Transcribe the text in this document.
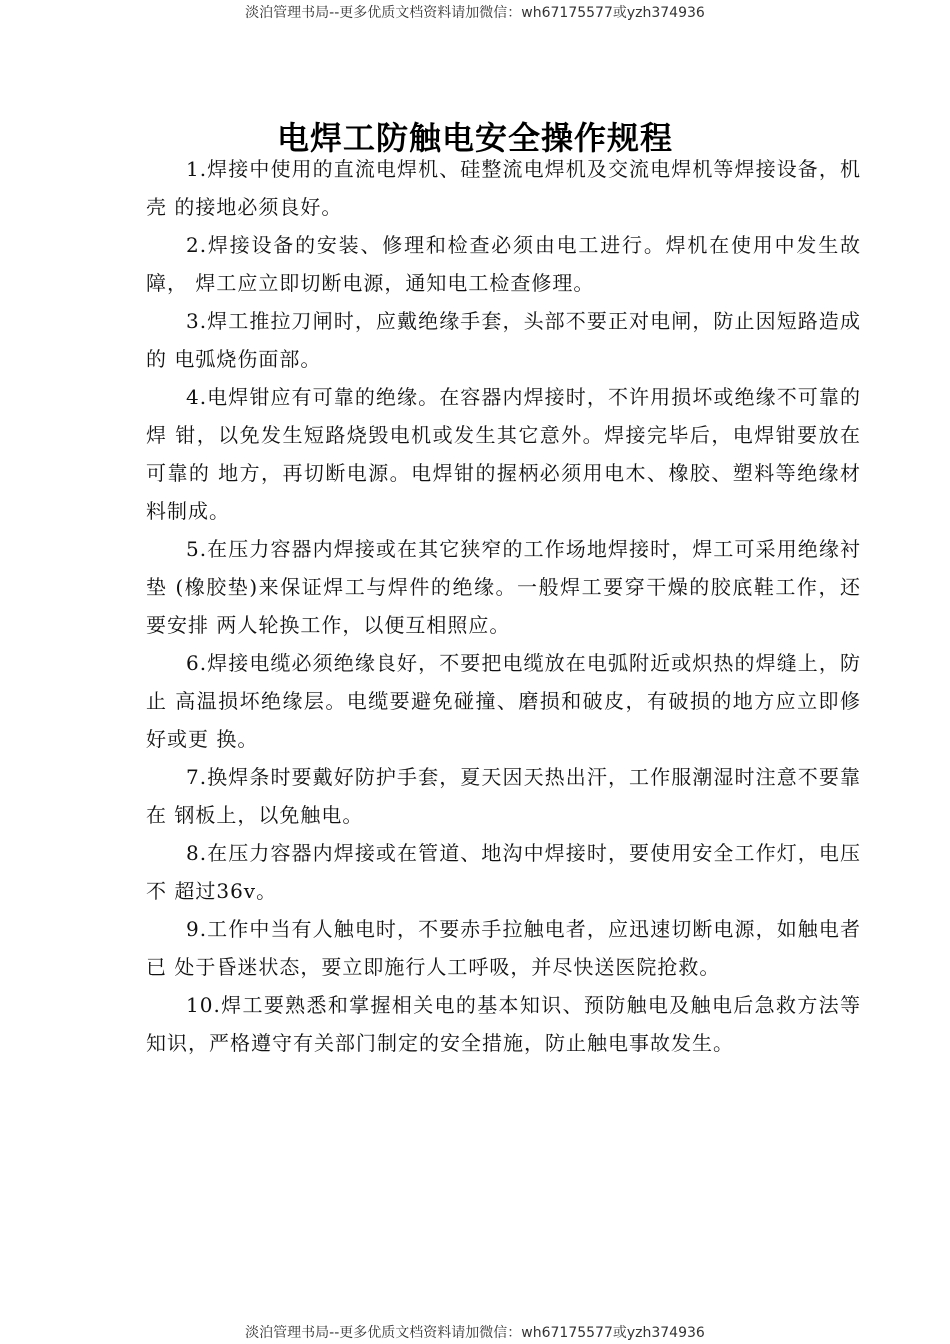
淡泊管理书局--更多优质文档资料请加微信：wh67175577或yzh374936
电焊工防触电安全操作规程

1.焊接中使用的直流电焊机、硅整流电焊机及交流电焊机等焊接设备，机壳 的接地必须良好。

2.焊接设备的安装、修理和检查必须由电工进行。焊机在使用中发生故障， 焊工应立即切断电源，通知电工检查修理。

3.焊工推拉刀闸时，应戴绝缘手套，头部不要正对电闸，防止因短路造成的 电弧烧伤面部。

4.电焊钳应有可靠的绝缘。在容器内焊接时，不许用损坏或绝缘不可靠的焊 钳，以免发生短路烧毁电机或发生其它意外。焊接完毕后，电焊钳要放在可靠的 地方，再切断电源。电焊钳的握柄必须用电木、橡胶、塑料等绝缘材料制成。

5.在压力容器内焊接或在其它狭窄的工作场地焊接时，焊工可采用绝缘衬垫 (橡胶垫)来保证焊工与焊件的绝缘。一般焊工要穿干燥的胶底鞋工作，还要安排 两人轮换工作，以便互相照应。

6.焊接电缆必须绝缘良好，不要把电缆放在电弧附近或炽热的焊缝上，防止 高温损坏绝缘层。电缆要避免碰撞、磨损和破皮，有破损的地方应立即修好或更 换。

7.换焊条时要戴好防护手套，夏天因天热出汗，工作服潮湿时注意不要靠在 钢板上，以免触电。

8.在压力容器内焊接或在管道、地沟中焊接时，要使用安全工作灯，电压不 超过36v。

9.工作中当有人触电时，不要赤手拉触电者，应迅速切断电源，如触电者已 处于昏迷状态，要立即施行人工呼吸，并尽快送医院抢救。

10.焊工要熟悉和掌握相关电的基本知识、预防触电及触电后急救方法等 知识，严格遵守有关部门制定的安全措施，防止触电事故发生。

淡泊管理书局--更多优质文档资料请加微信：wh67175577或yzh374936
